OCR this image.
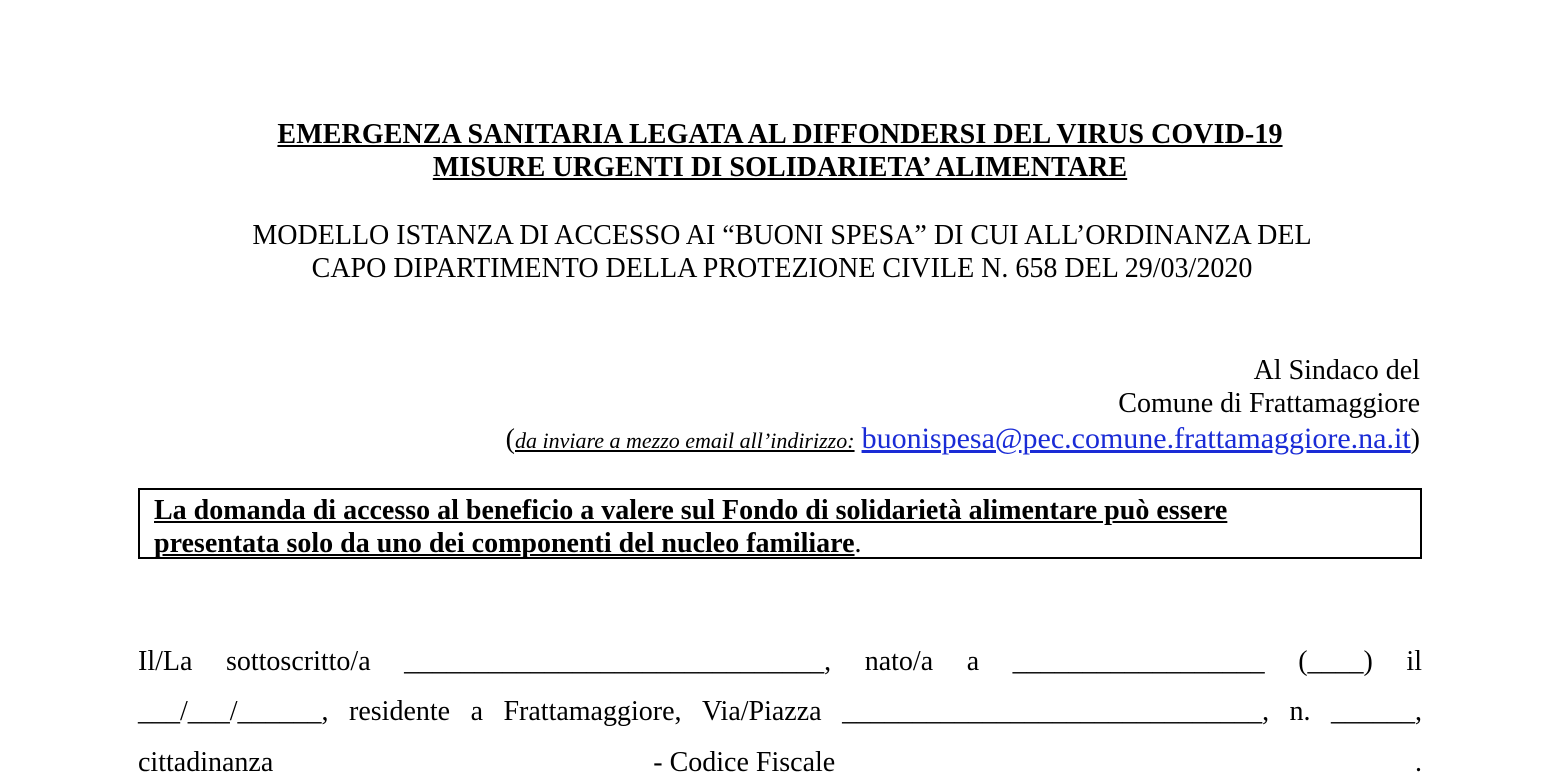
EMERGENZA SANITARIA LEGATA AL DIFFONDERSI DEL VIRUS COVID-19
MISURE URGENTI DI SOLIDARIETA’ ALIMENTARE
MODELLO ISTANZA DI ACCESSO AI “BUONI SPESA” DI CUI ALL’ORDINANZA DEL
CAPO DIPARTIMENTO DELLA PROTEZIONE CIVILE N. 658 DEL 29/03/2020
Al Sindaco del
Comune di Frattamaggiore
(da inviare a mezzo email all’indirizzo: buonispesa@pec.comune.frattamaggiore.na.it)
La domanda di accesso al beneficio a valere sul Fondo di solidarietà alimentare può essere
presentata solo da uno dei componenti del nucleo familiare.
Il/La sottoscritto/a ______________________________, nato/a a __________________ (____) il
___/___/______, residente a Frattamaggiore, Via/Piazza ______________________________, n. ______,
cittadinanza	- Codice Fiscale	.
